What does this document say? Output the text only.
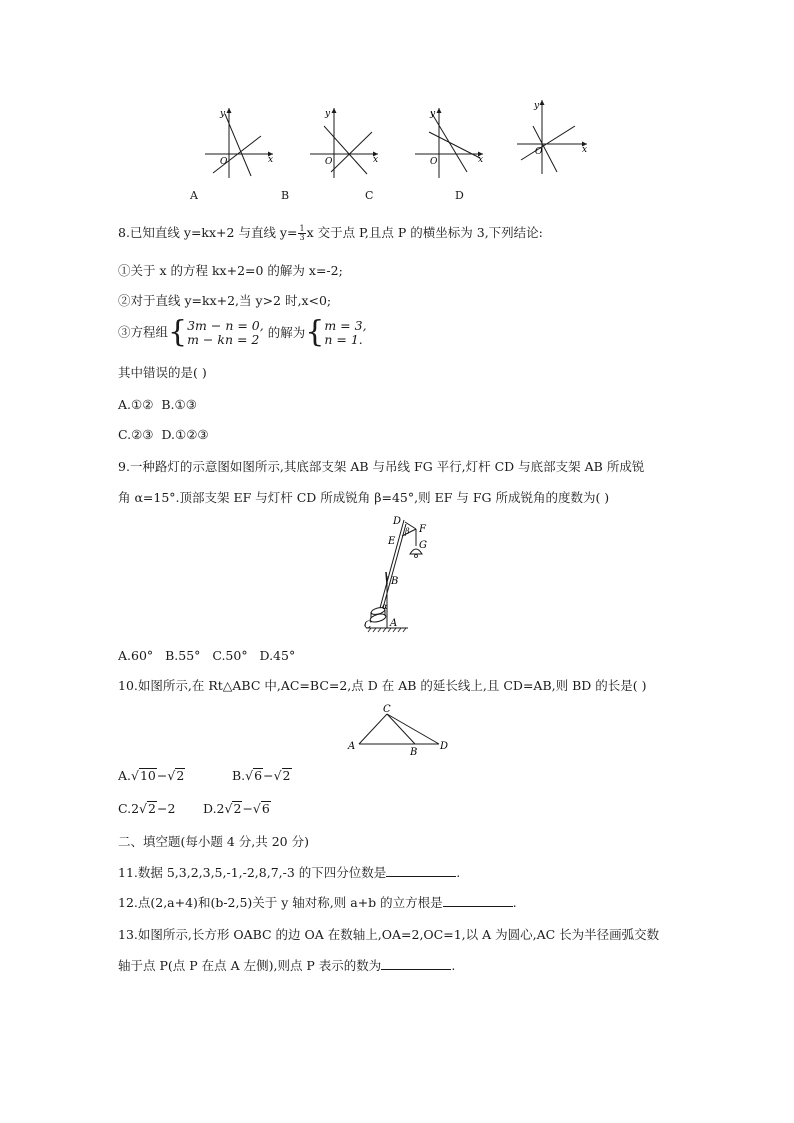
x
y
O	x
y
O	x
y
O
x
y
O
A	B	C	D
8.已知直线 y=kx+2 与直线 $y= \frac{1}{3}$ x 交于点 P,且点 P 的横坐标为 3,下列结论:
①关于 x 的方程 kx+2=0 的解为 x=-2;
②对于直线 y=kx+2,当 y>2 时,x<0;
③方程组{ 3m − n = 0,
m − kn = 2 的解为{ m = 3,
n = 1.
其中错误的是( )
A.①② B.①③
C.②③ D.①②③
9.一种路灯的示意图如图所示,其底部支架 AB 与吊线 FG 平行,灯杆 CD 与底部支架 AB 所成锐
角 α=15°.顶部支架 EF 与灯杆 CD 所成锐角 β=45°,则 EF 与 FG 所成锐角的度数为( )
D
β F
E G
B
α
C A
A.60° B.55° C.50° D.45°
10.如图所示,在 Rt△ABC 中,AC=BC=2,点 D 在 AB 的延长线上,且 CD=AB,则 BD 的长是( )
C
A
B
D
A.√10−√2	B.√6−√2
C.2√2−2 D.2√2−√6
二、填空题(每小题 4 分,共 20 分)
11.数据 5,3,2,3,5,-1,-2,8,7,-3 的下四分位数是	.
12.点(2,a+4)和(b-2,5)关于 y 轴对称,则 a+b 的立方根是	.
13.如图所示,长方形 OABC 的边 OA 在数轴上,OA=2,OC=1,以 A 为圆心,AC 长为半径画弧交数
轴于点 P(点 P 在点 A 左侧),则点 P 表示的数为	.
